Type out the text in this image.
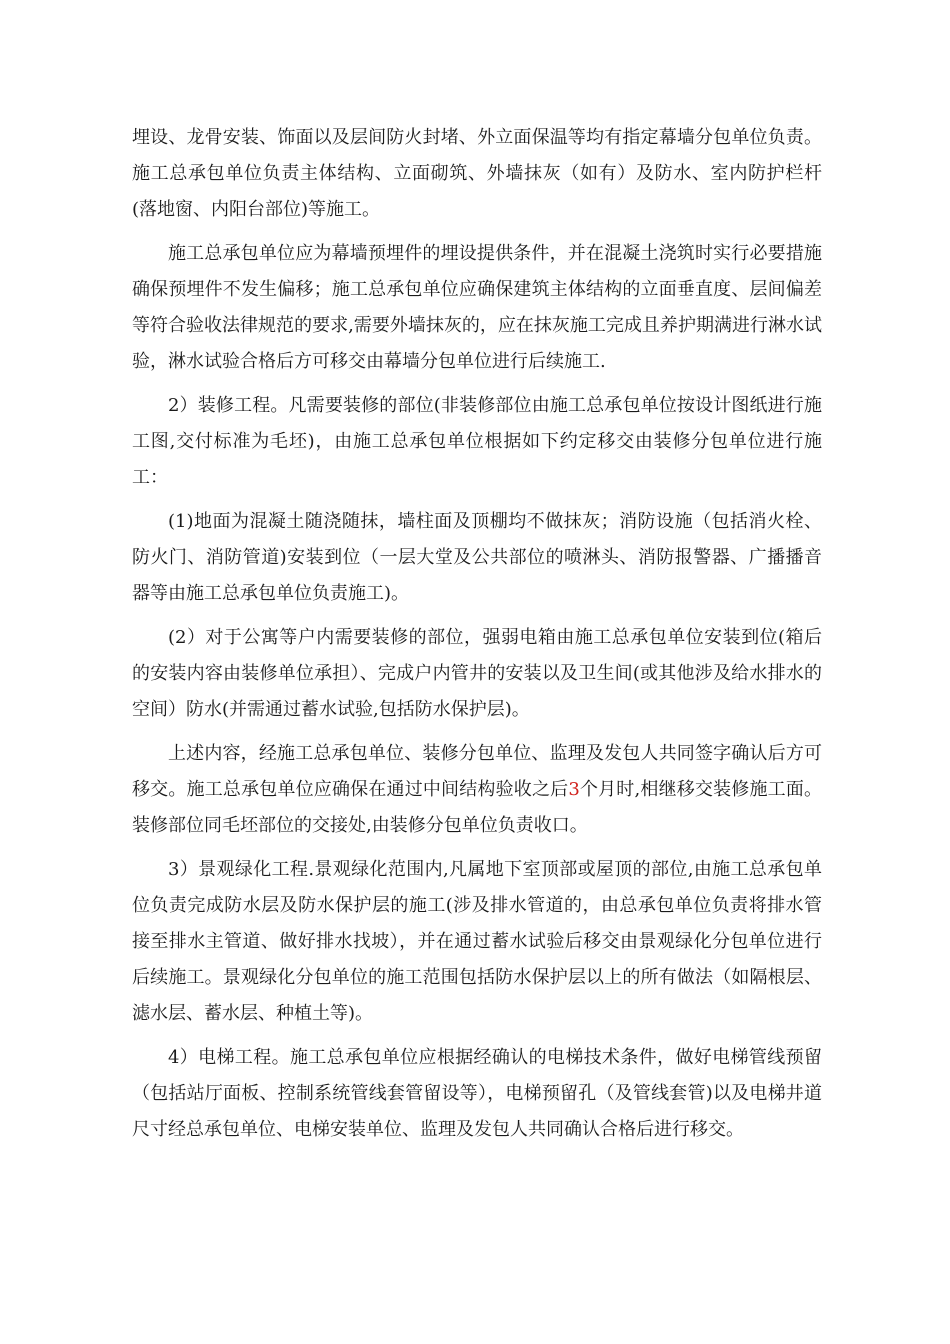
埋设、龙骨安装、饰面以及层间防火封堵、外立面保温等均有指定幕墙分包单位负责。施工总承包单位负责主体结构、立面砌筑、外墙抹灰（如有）及防水、室内防护栏杆(落地窗、内阳台部位)等施工。

施工总承包单位应为幕墙预埋件的埋设提供条件，并在混凝土浇筑时实行必要措施确保预埋件不发生偏移；施工总承包单位应确保建筑主体结构的立面垂直度、层间偏差等符合验收法律规范的要求,需要外墙抹灰的，应在抹灰施工完成且养护期满进行淋水试验，淋水试验合格后方可移交由幕墙分包单位进行后续施工.

2）装修工程。凡需要装修的部位(非装修部位由施工总承包单位按设计图纸进行施工图,交付标准为毛坯)，由施工总承包单位根据如下约定移交由装修分包单位进行施工：

(1)地面为混凝土随浇随抹，墙柱面及顶棚均不做抹灰；消防设施（包括消火栓、防火门、消防管道)安装到位（一层大堂及公共部位的喷淋头、消防报警器、广播播音器等由施工总承包单位负责施工)。

(2）对于公寓等户内需要装修的部位，强弱电箱由施工总承包单位安装到位(箱后的安装内容由装修单位承担）、完成户内管井的安装以及卫生间(或其他涉及给水排水的空间）防水(并需通过蓄水试验,包括防水保护层)。

上述内容，经施工总承包单位、装修分包单位、监理及发包人共同签字确认后方可移交。施工总承包单位应确保在通过中间结构验收之后3个月时,相继移交装修施工面。装修部位同毛坯部位的交接处,由装修分包单位负责收口。

3）景观绿化工程.景观绿化范围内,凡属地下室顶部或屋顶的部位,由施工总承包单位负责完成防水层及防水保护层的施工(涉及排水管道的，由总承包单位负责将排水管接至排水主管道、做好排水找坡），并在通过蓄水试验后移交由景观绿化分包单位进行后续施工。景观绿化分包单位的施工范围包括防水保护层以上的所有做法（如隔根层、滤水层、蓄水层、种植土等)。

4）电梯工程。施工总承包单位应根据经确认的电梯技术条件，做好电梯管线预留（包括站厅面板、控制系统管线套管留设等），电梯预留孔（及管线套管)以及电梯井道尺寸经总承包单位、电梯安装单位、监理及发包人共同确认合格后进行移交。
